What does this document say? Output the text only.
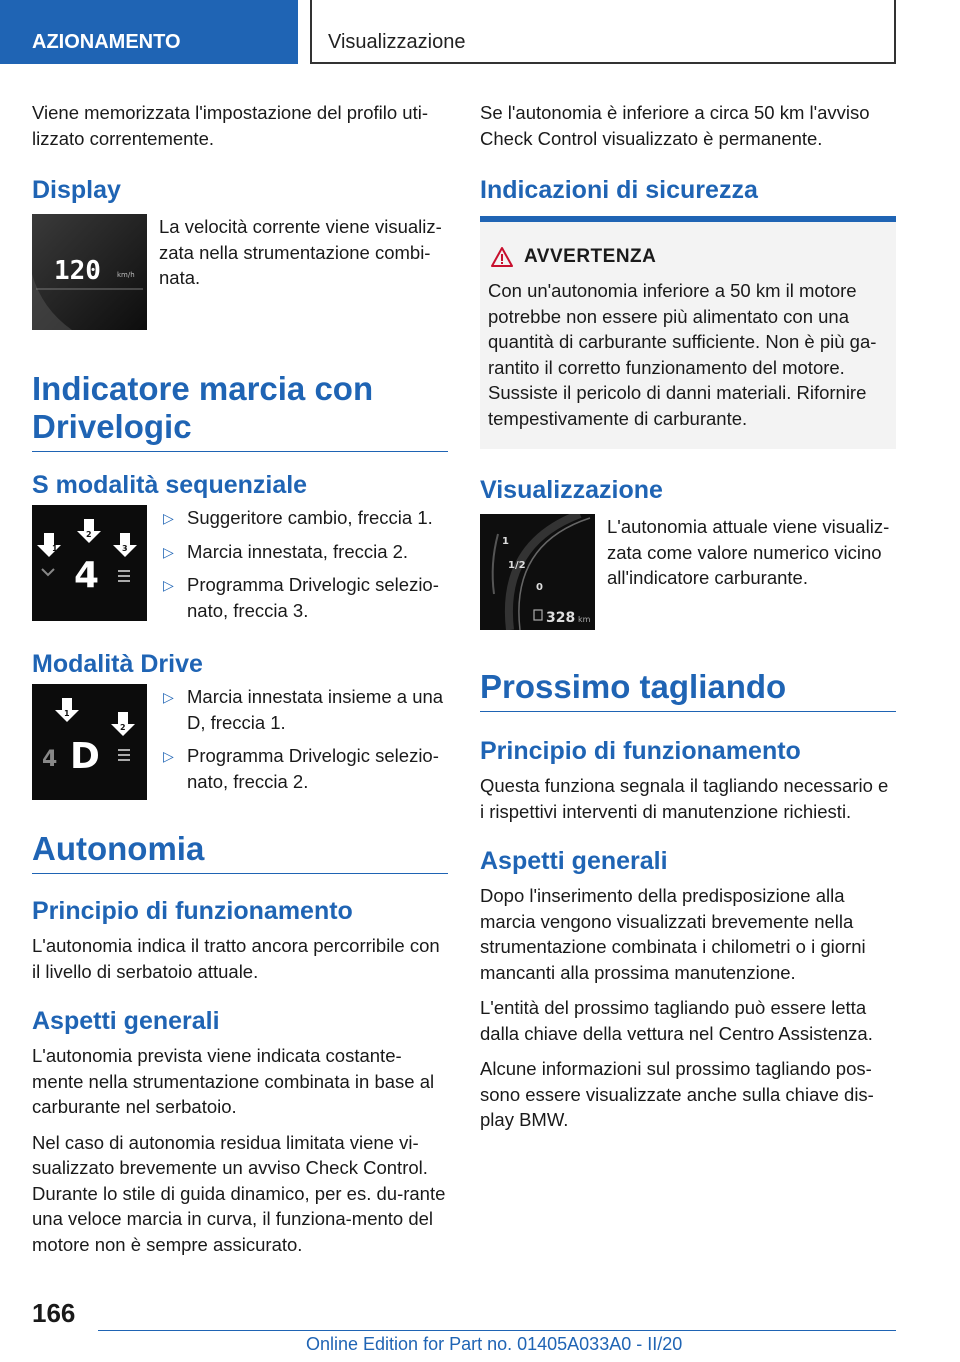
AZIONAMENTO	Visualizzazione

Viene memorizzata l'impostazione del profilo uti-lizzato correntemente.

Display
120 km/h

La velocità corrente viene visualiz-zata nella strumentazione combi-nata.

Indicatore marcia con Drivelogic
S modalità sequenziale
1
2
3
4
▷ Suggeritore cambio, freccia 1.
▷ Marcia innestata, freccia 2.
▷ Programma Drivelogic selezio-nato, freccia 3.
Modalità Drive
1
2
4 D
▷ Marcia innestata insieme a una D, freccia 1.
▷ Programma Drivelogic selezio-nato, freccia 2.
Autonomia
Principio di funzionamento

L'autonomia indica il tratto ancora percorribile con il livello di serbatoio attuale.

Aspetti generali

L'autonomia prevista viene indicata costante-mente nella strumentazione combinata in base al carburante nel serbatoio.

Nel caso di autonomia residua limitata viene vi-sualizzato brevemente un avviso Check Control. Durante lo stile di guida dinamico, per es. du-rante una veloce marcia in curva, il funziona-mento del motore non è sempre assicurato.

Se l'autonomia è inferiore a circa 50 km l'avviso Check Control visualizzato è permanente.

Indicazioni di sicurezza
AVVERTENZA

Con un'autonomia inferiore a 50 km il motore potrebbe non essere più alimentato con una quantità di carburante sufficiente. Non è più ga-rantito il corretto funzionamento del motore. Sussiste il pericolo di danni materiali. Rifornire tempestivamente di carburante.

Visualizzazione
1
1/2
0
328 km

L'autonomia attuale viene visualiz-zata come valore numerico vicino all'indicatore carburante.

Prossimo tagliando
Principio di funzionamento

Questa funziona segnala il tagliando necessario e i rispettivi interventi di manutenzione richiesti.

Aspetti generali

Dopo l'inserimento della predisposizione alla marcia vengono visualizzati brevemente nella strumentazione combinata i chilometri o i giorni mancanti alla prossima manutenzione.

L'entità del prossimo tagliando può essere letta dalla chiave della vettura nel Centro Assistenza.

Alcune informazioni sul prossimo tagliando pos-sono essere visualizzate anche sulla chiave dis-play BMW.

166
Online Edition for Part no. 01405A033A0 - II/20
